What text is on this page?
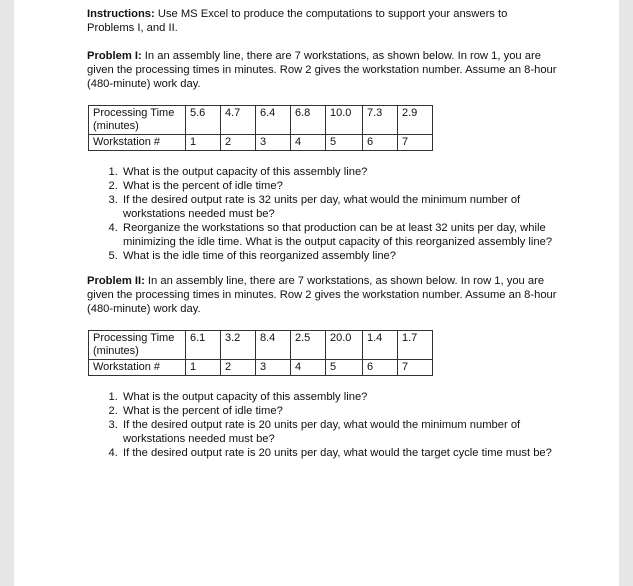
Instructions: Use MS Excel to produce the computations to support your answers to Problems I, and II.

Problem I: In an assembly line, there are 7 workstations, as shown below. In row 1, you are given the processing times in minutes. Row 2 gives the workstation number. Assume an 8-hour (480-minute) work day.

Processing Time (minutes)	5.6	4.7	6.4	6.8	10.0	7.3	2.9
Workstation #	1	2	3	4	5	6	7
1. What is the output capacity of this assembly line?
2. What is the percent of idle time?
3. If the desired output rate is 32 units per day, what would the minimum number of workstations needed must be?
4. Reorganize the workstations so that production can be at least 32 units per day, while minimizing the idle time. What is the output capacity of this reorganized assembly line?
5. What is the idle time of this reorganized assembly line?

Problem II: In an assembly line, there are 7 workstations, as shown below. In row 1, you are given the processing times in minutes. Row 2 gives the workstation number. Assume an 8-hour (480-minute) work day.

Processing Time (minutes)	6.1	3.2	8.4	2.5	20.0	1.4	1.7
Workstation #	1	2	3	4	5	6	7
1. What is the output capacity of this assembly line?
2. What is the percent of idle time?
3. If the desired output rate is 20 units per day, what would the minimum number of workstations needed must be?
4. If the desired output rate is 20 units per day, what would the target cycle time must be?
